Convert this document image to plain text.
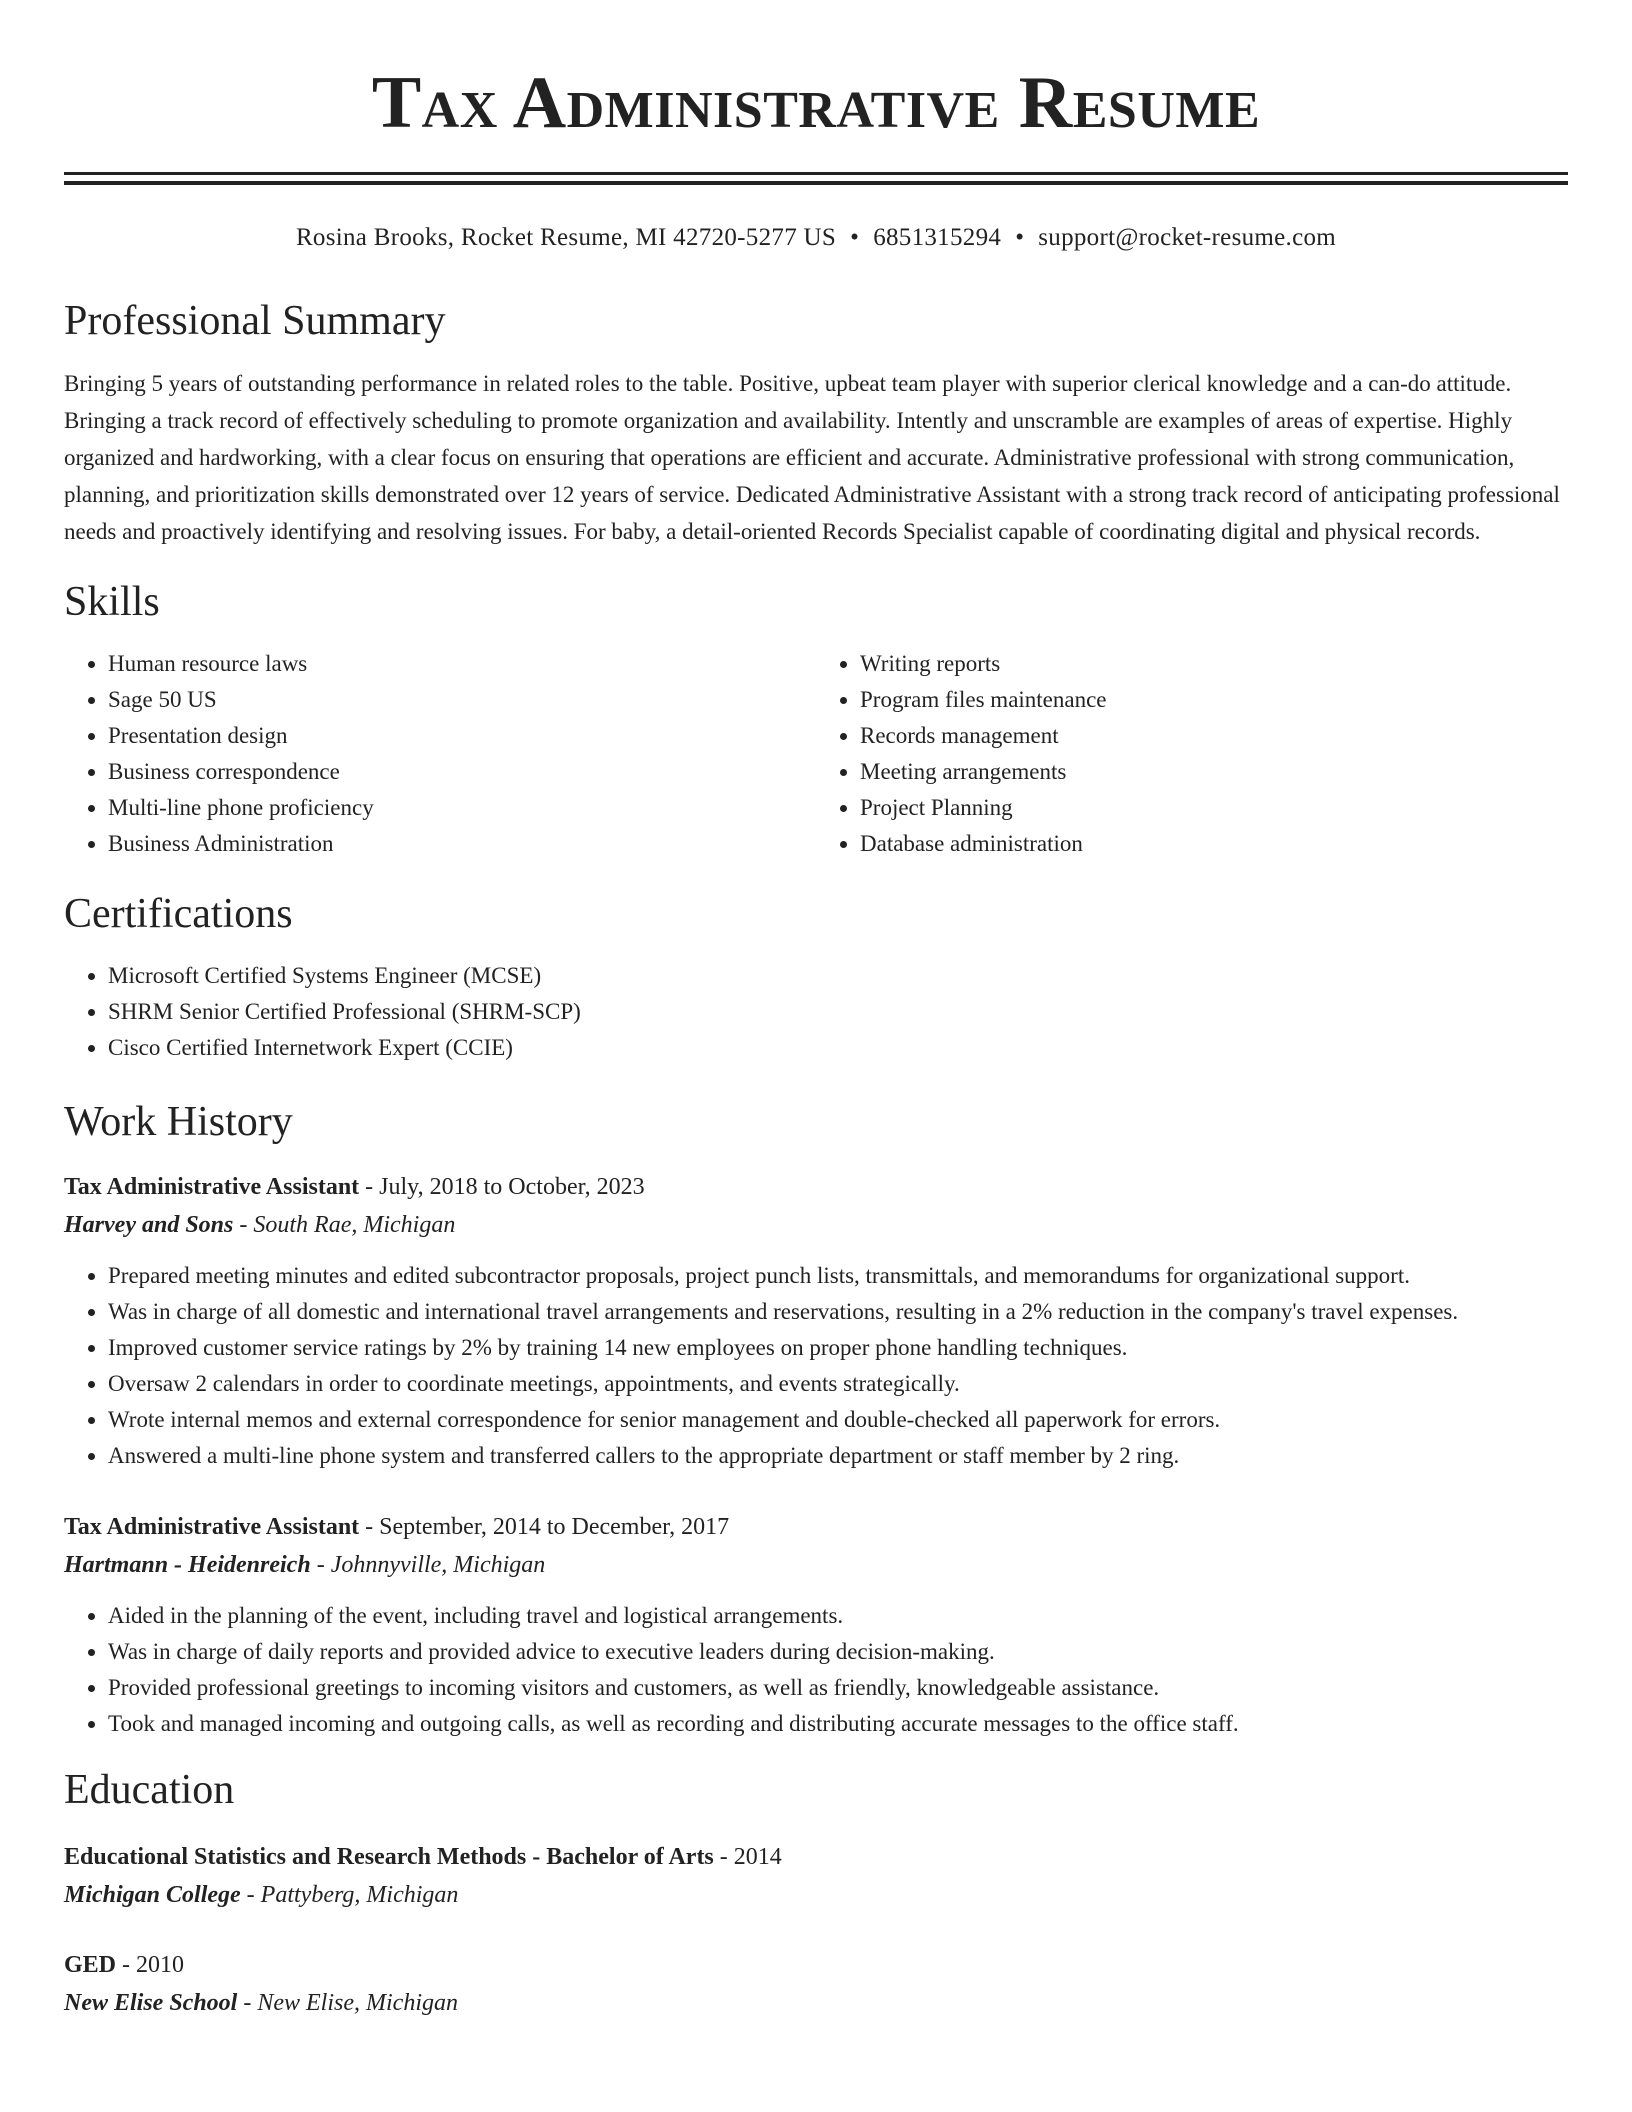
Tax Administrative Resume
Rosina Brooks, Rocket Resume, MI 42720-5277 US • 6851315294 • support@rocket-resume.com
Professional Summary

Bringing 5 years of outstanding performance in related roles to the table. Positive, upbeat team player with superior clerical knowledge and a can-do attitude. Bringing a track record of effectively scheduling to promote organization and availability. Intently and unscramble are examples of areas of expertise. Highly organized and hardworking, with a clear focus on ensuring that operations are efficient and accurate. Administrative professional with strong communication, planning, and prioritization skills demonstrated over 12 years of service. Dedicated Administrative Assistant with a strong track record of anticipating professional needs and proactively identifying and resolving issues. For baby, a detail-oriented Records Specialist capable of coordinating digital and physical records.

Skills
• Human resource laws
• Sage 50 US
• Presentation design
• Business correspondence
• Multi-line phone proficiency
• Business Administration
• Writing reports
• Program files maintenance
• Records management
• Meeting arrangements
• Project Planning
• Database administration
Certifications
• Microsoft Certified Systems Engineer (MCSE)
• SHRM Senior Certified Professional (SHRM-SCP)
• Cisco Certified Internetwork Expert (CCIE)
Work History
Tax Administrative Assistant - July, 2018 to October, 2023
Harvey and Sons - South Rae, Michigan
• Prepared meeting minutes and edited subcontractor proposals, project punch lists, transmittals, and memorandums for organizational support.
• Was in charge of all domestic and international travel arrangements and reservations, resulting in a 2% reduction in the company's travel expenses.
• Improved customer service ratings by 2% by training 14 new employees on proper phone handling techniques.
• Oversaw 2 calendars in order to coordinate meetings, appointments, and events strategically.
• Wrote internal memos and external correspondence for senior management and double-checked all paperwork for errors.
• Answered a multi-line phone system and transferred callers to the appropriate department or staff member by 2 ring.
Tax Administrative Assistant - September, 2014 to December, 2017
Hartmann - Heidenreich - Johnnyville, Michigan
• Aided in the planning of the event, including travel and logistical arrangements.
• Was in charge of daily reports and provided advice to executive leaders during decision-making.
• Provided professional greetings to incoming visitors and customers, as well as friendly, knowledgeable assistance.
• Took and managed incoming and outgoing calls, as well as recording and distributing accurate messages to the office staff.
Education
Educational Statistics and Research Methods - Bachelor of Arts - 2014
Michigan College - Pattyberg, Michigan
GED - 2010
New Elise School - New Elise, Michigan
